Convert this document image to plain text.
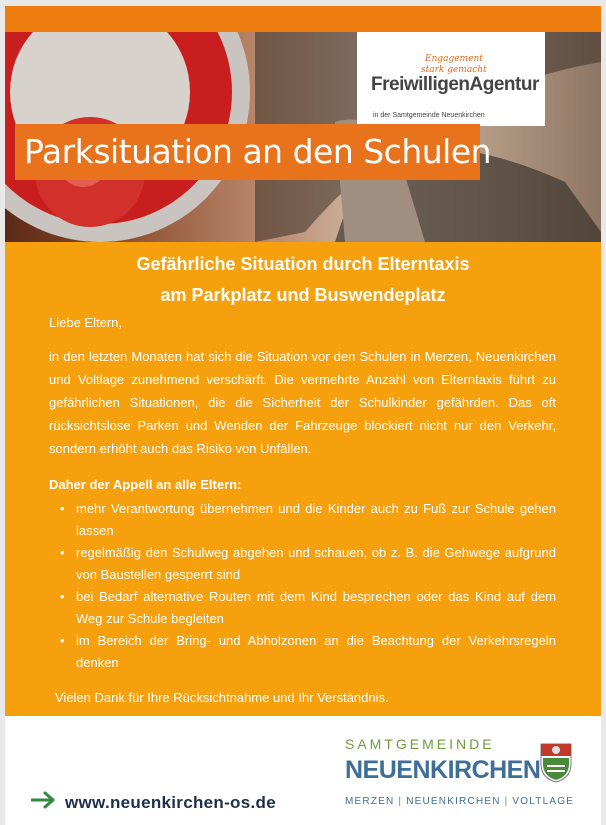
Engagement
stark gemacht
FreiwilligenAgentur
in der Samtgemeinde Neuenkirchen
Parksituation an den Schulen
Gefährliche Situation durch Elterntaxis
am Parkplatz und Buswendeplatz
Liebe Eltern,
in den letzten Monaten hat sich die Situation vor den Schulen in Merzen, Neuenkirchen und Voltlage zunehmend verschärft. Die vermehrte Anzahl von Elterntaxis führt zu gefährlichen Situationen, die die Sicherheit der Schulkinder gefährden. Das oft rücksichtslose Parken und Wenden der Fahrzeuge blockiert nicht nur den Verkehr, sondern erhöht auch das Risiko von Unfällen.
Daher der Appell an alle Eltern:
• mehr Verantwortung übernehmen und die Kinder auch zu Fuß zur Schule gehen lassen
• regelmäßig den Schulweg abgehen und schauen, ob z. B. die Gehwege aufgrund von Baustellen gesperrt sind
• bei Bedarf alternative Routen mit dem Kind besprechen oder das Kind auf dem Weg zur Schule begleiten
• im Bereich der Bring- und Abholzonen an die Beachtung der Verkehrsregeln denken
Vielen Dank für Ihre Rücksichtnahme und Ihr Verständnis.
www.neuenkirchen-os.de
SAMTGEMEINDE
NEUENKIRCHEN
MERZEN | NEUENKIRCHEN | VOLTLAGE
